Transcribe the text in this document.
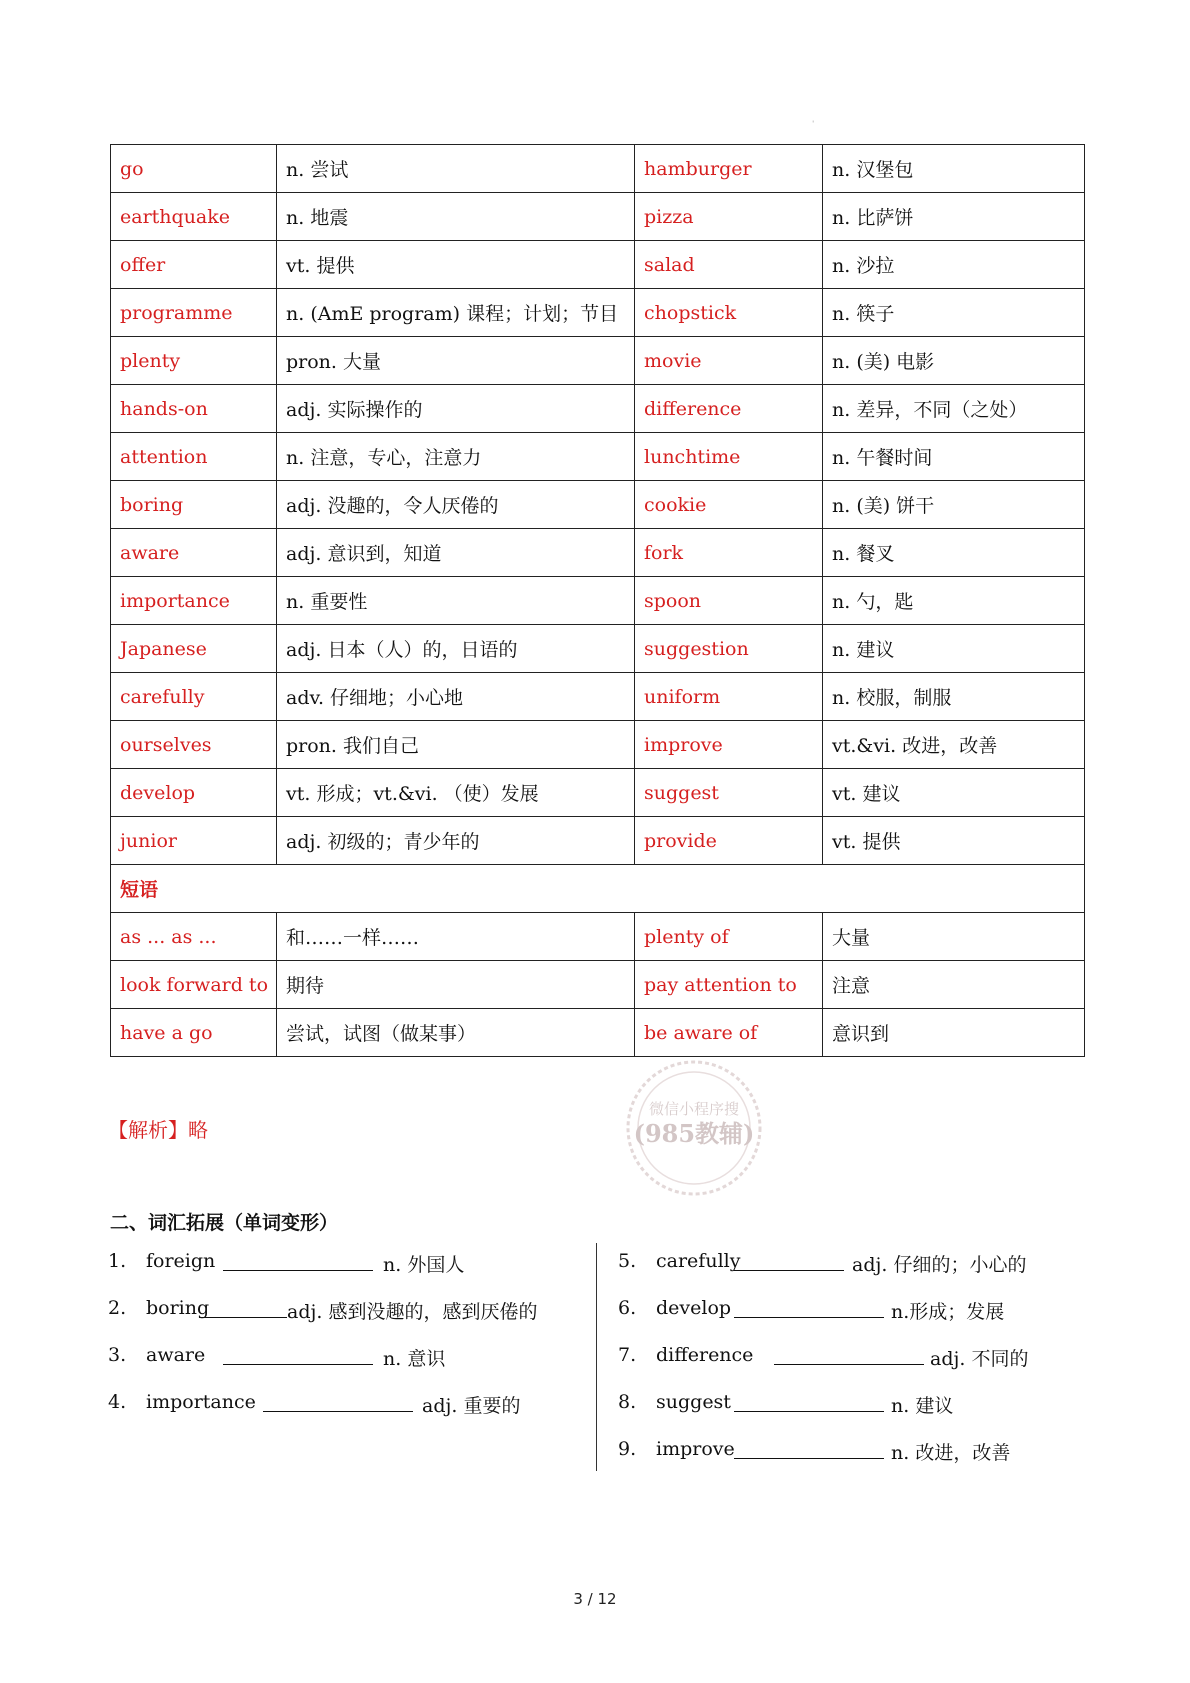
ˈ
go	n. 尝试	hamburger	n. 汉堡包
earthquake	n. 地震	pizza	n. 比萨饼
offer	vt. 提供	salad	n. 沙拉
programme	n. (AmE program) 课程；计划；节目	chopstick	n. 筷子
plenty	pron. 大量	movie	n. (美) 电影
hands-on	adj. 实际操作的	difference	n. 差异，不同（之处）
attention	n. 注意，专心，注意力	lunchtime	n. 午餐时间
boring	adj. 没趣的，令人厌倦的	cookie	n. (美) 饼干
aware	adj. 意识到，知道	fork	n. 餐叉
importance	n. 重要性	spoon	n. 勺，匙
Japanese	adj. 日本（人）的，日语的	suggestion	n. 建议
carefully	adv. 仔细地；小心地	uniform	n. 校服，制服
ourselves	pron. 我们自己	improve	vt.&vi. 改进，改善
develop	vt. 形成；vt.&vi. （使）发展	suggest	vt. 建议
junior	adj. 初级的；青少年的	provide	vt. 提供
短语			
as ... as ...	和……一样……	plenty of	大量
look forward to	期待	pay attention to	注意
have a go	尝试，试图（做某事）	be aware of	意识到
【解析】略
微信小程序搜
(985教辅)
二、词汇拓展（单词变形）
1. foreign	n. 外国人
2. boring	adj. 感到没趣的，感到厌倦的
3. aware	n. 意识
4. importance	adj. 重要的
5. carefully	adj. 仔细的；小心的
6. develop	n.形成；发展
7. difference	adj. 不同的
8. suggest	n. 建议
9. improve	n. 改进，改善
3 / 12
